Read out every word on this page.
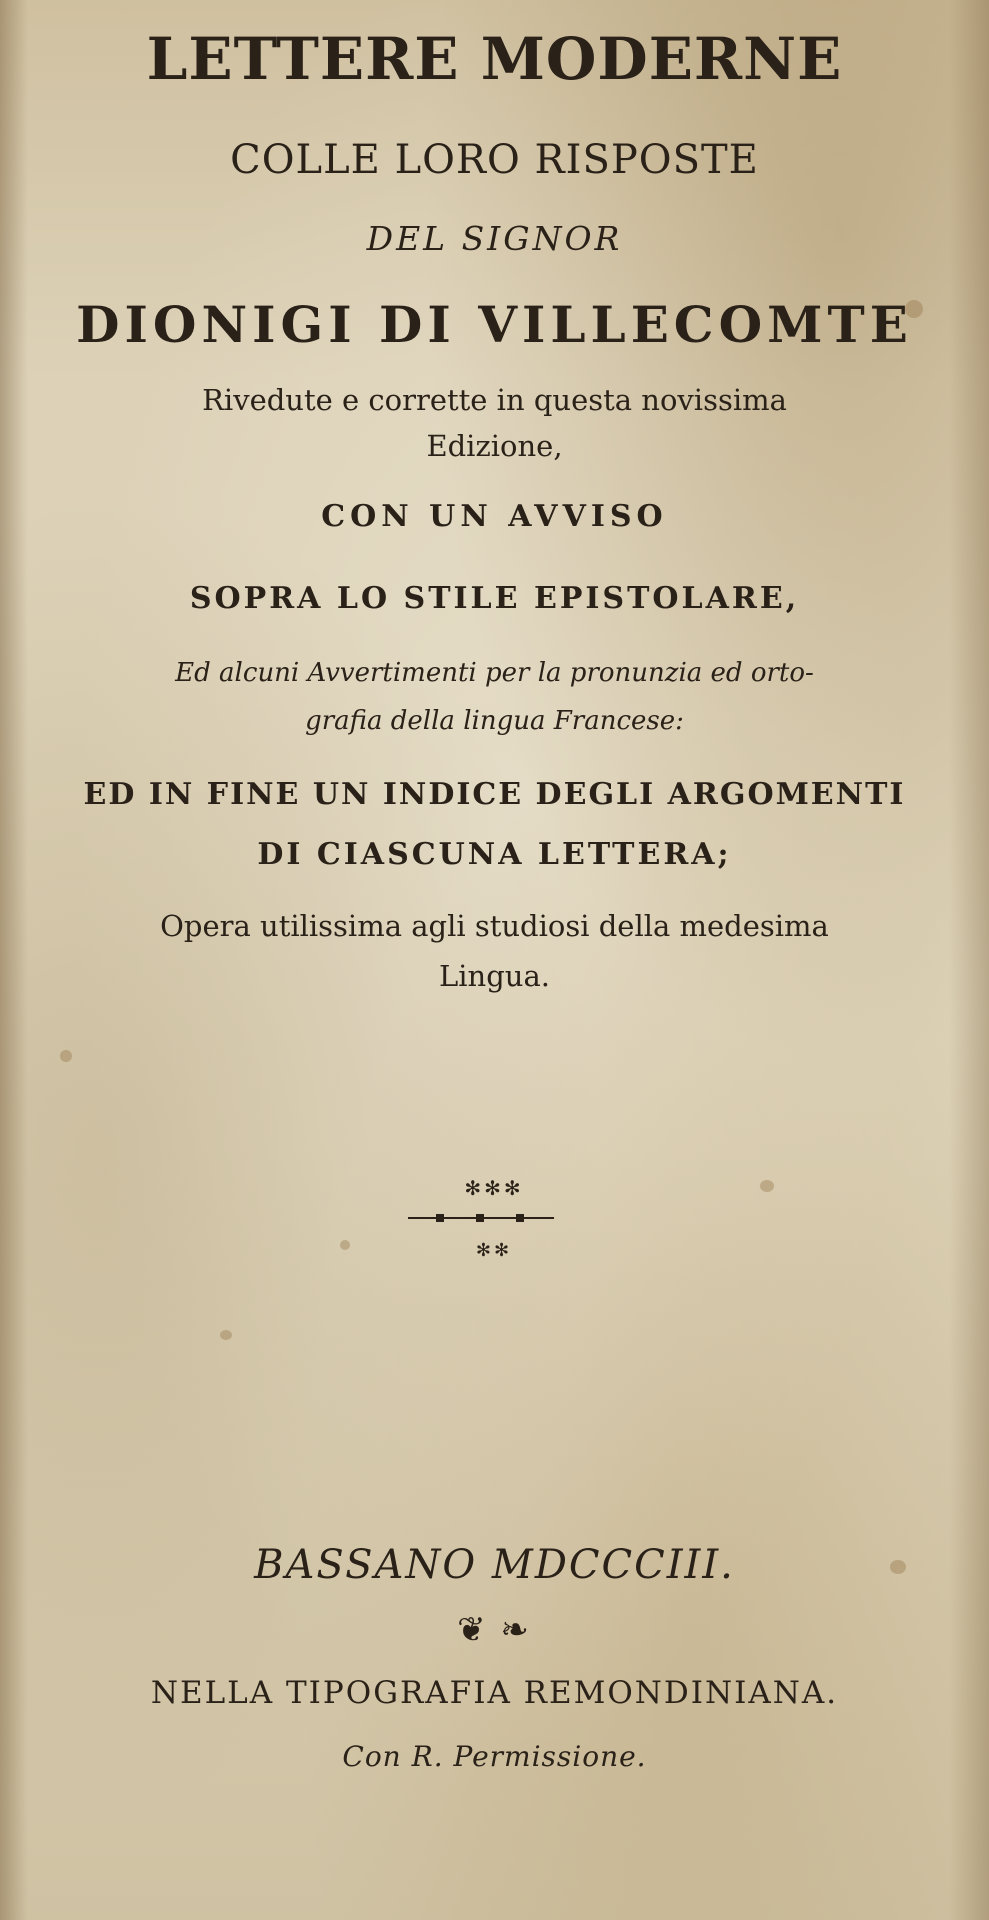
LETTERE MODERNE
COLLE LORO RISPOSTE
DEL SIGNOR
DIONIGI DI VILLECOMTE
Rivedute e corrette in questa novissima
Edizione,
CON UN AVVISO
SOPRA LO STILE EPISTOLARE,
Ed alcuni Avvertimenti per la pronunzia ed orto-
grafia della lingua Francese:
ED IN FINE UN INDICE DEGLI ARGOMENTI
DI CIASCUNA LETTERA;
Opera utilissima agli studiosi della medesima
Lingua.
✻✻✻
✻✻
BASSANO MDCCCIII.
❦ ❧
NELLA TIPOGRAFIA REMONDINIANA.
Con R. Permissione.
